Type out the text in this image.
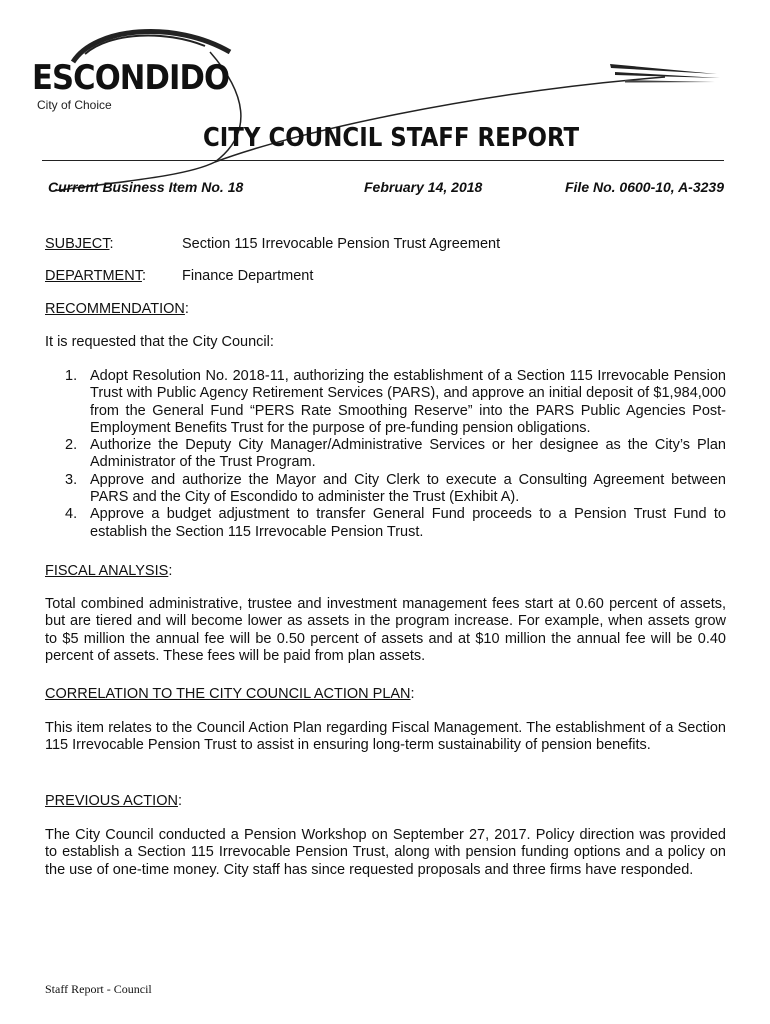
ESCONDIDO
City of Choice
CITY COUNCIL STAFF REPORT
Current Business Item No. 18	February 14, 2018	File No. 0600-10, A-3239
SUBJECT:	Section 115 Irrevocable Pension Trust Agreement
DEPARTMENT: Finance Department
RECOMMENDATION:

It is requested that the City Council:

1. Adopt Resolution No. 2018-11, authorizing the establishment of a Section 115 Irrevocable Pension Trust with Public Agency Retirement Services (PARS), and approve an initial deposit of $1,984,000 from the General Fund “PERS Rate Smoothing Reserve” into the PARS Public Agencies Post-Employment Benefits Trust for the purpose of pre-funding pension obligations.
2. Authorize the Deputy City Manager/Administrative Services or her designee as the City’s Plan Administrator of the Trust Program.
3. Approve and authorize the Mayor and City Clerk to execute a Consulting Agreement between PARS and the City of Escondido to administer the Trust (Exhibit A).
4. Approve a budget adjustment to transfer General Fund proceeds to a Pension Trust Fund to establish the Section 115 Irrevocable Pension Trust.
FISCAL ANALYSIS:

Total combined administrative, trustee and investment management fees start at 0.60 percent of assets, but are tiered and will become lower as assets in the program increase. For example, when assets grow to $5 million the annual fee will be 0.50 percent of assets and at $10 million the annual fee will be 0.40 percent of assets. These fees will be paid from plan assets.

CORRELATION TO THE CITY COUNCIL ACTION PLAN:

This item relates to the Council Action Plan regarding Fiscal Management. The establishment of a Section 115 Irrevocable Pension Trust to assist in ensuring long-term sustainability of pension benefits.

PREVIOUS ACTION:

The City Council conducted a Pension Workshop on September 27, 2017. Policy direction was provided to establish a Section 115 Irrevocable Pension Trust, along with pension funding options and a policy on the use of one-time money. City staff has since requested proposals and three firms have responded.

Staff Report - Council
